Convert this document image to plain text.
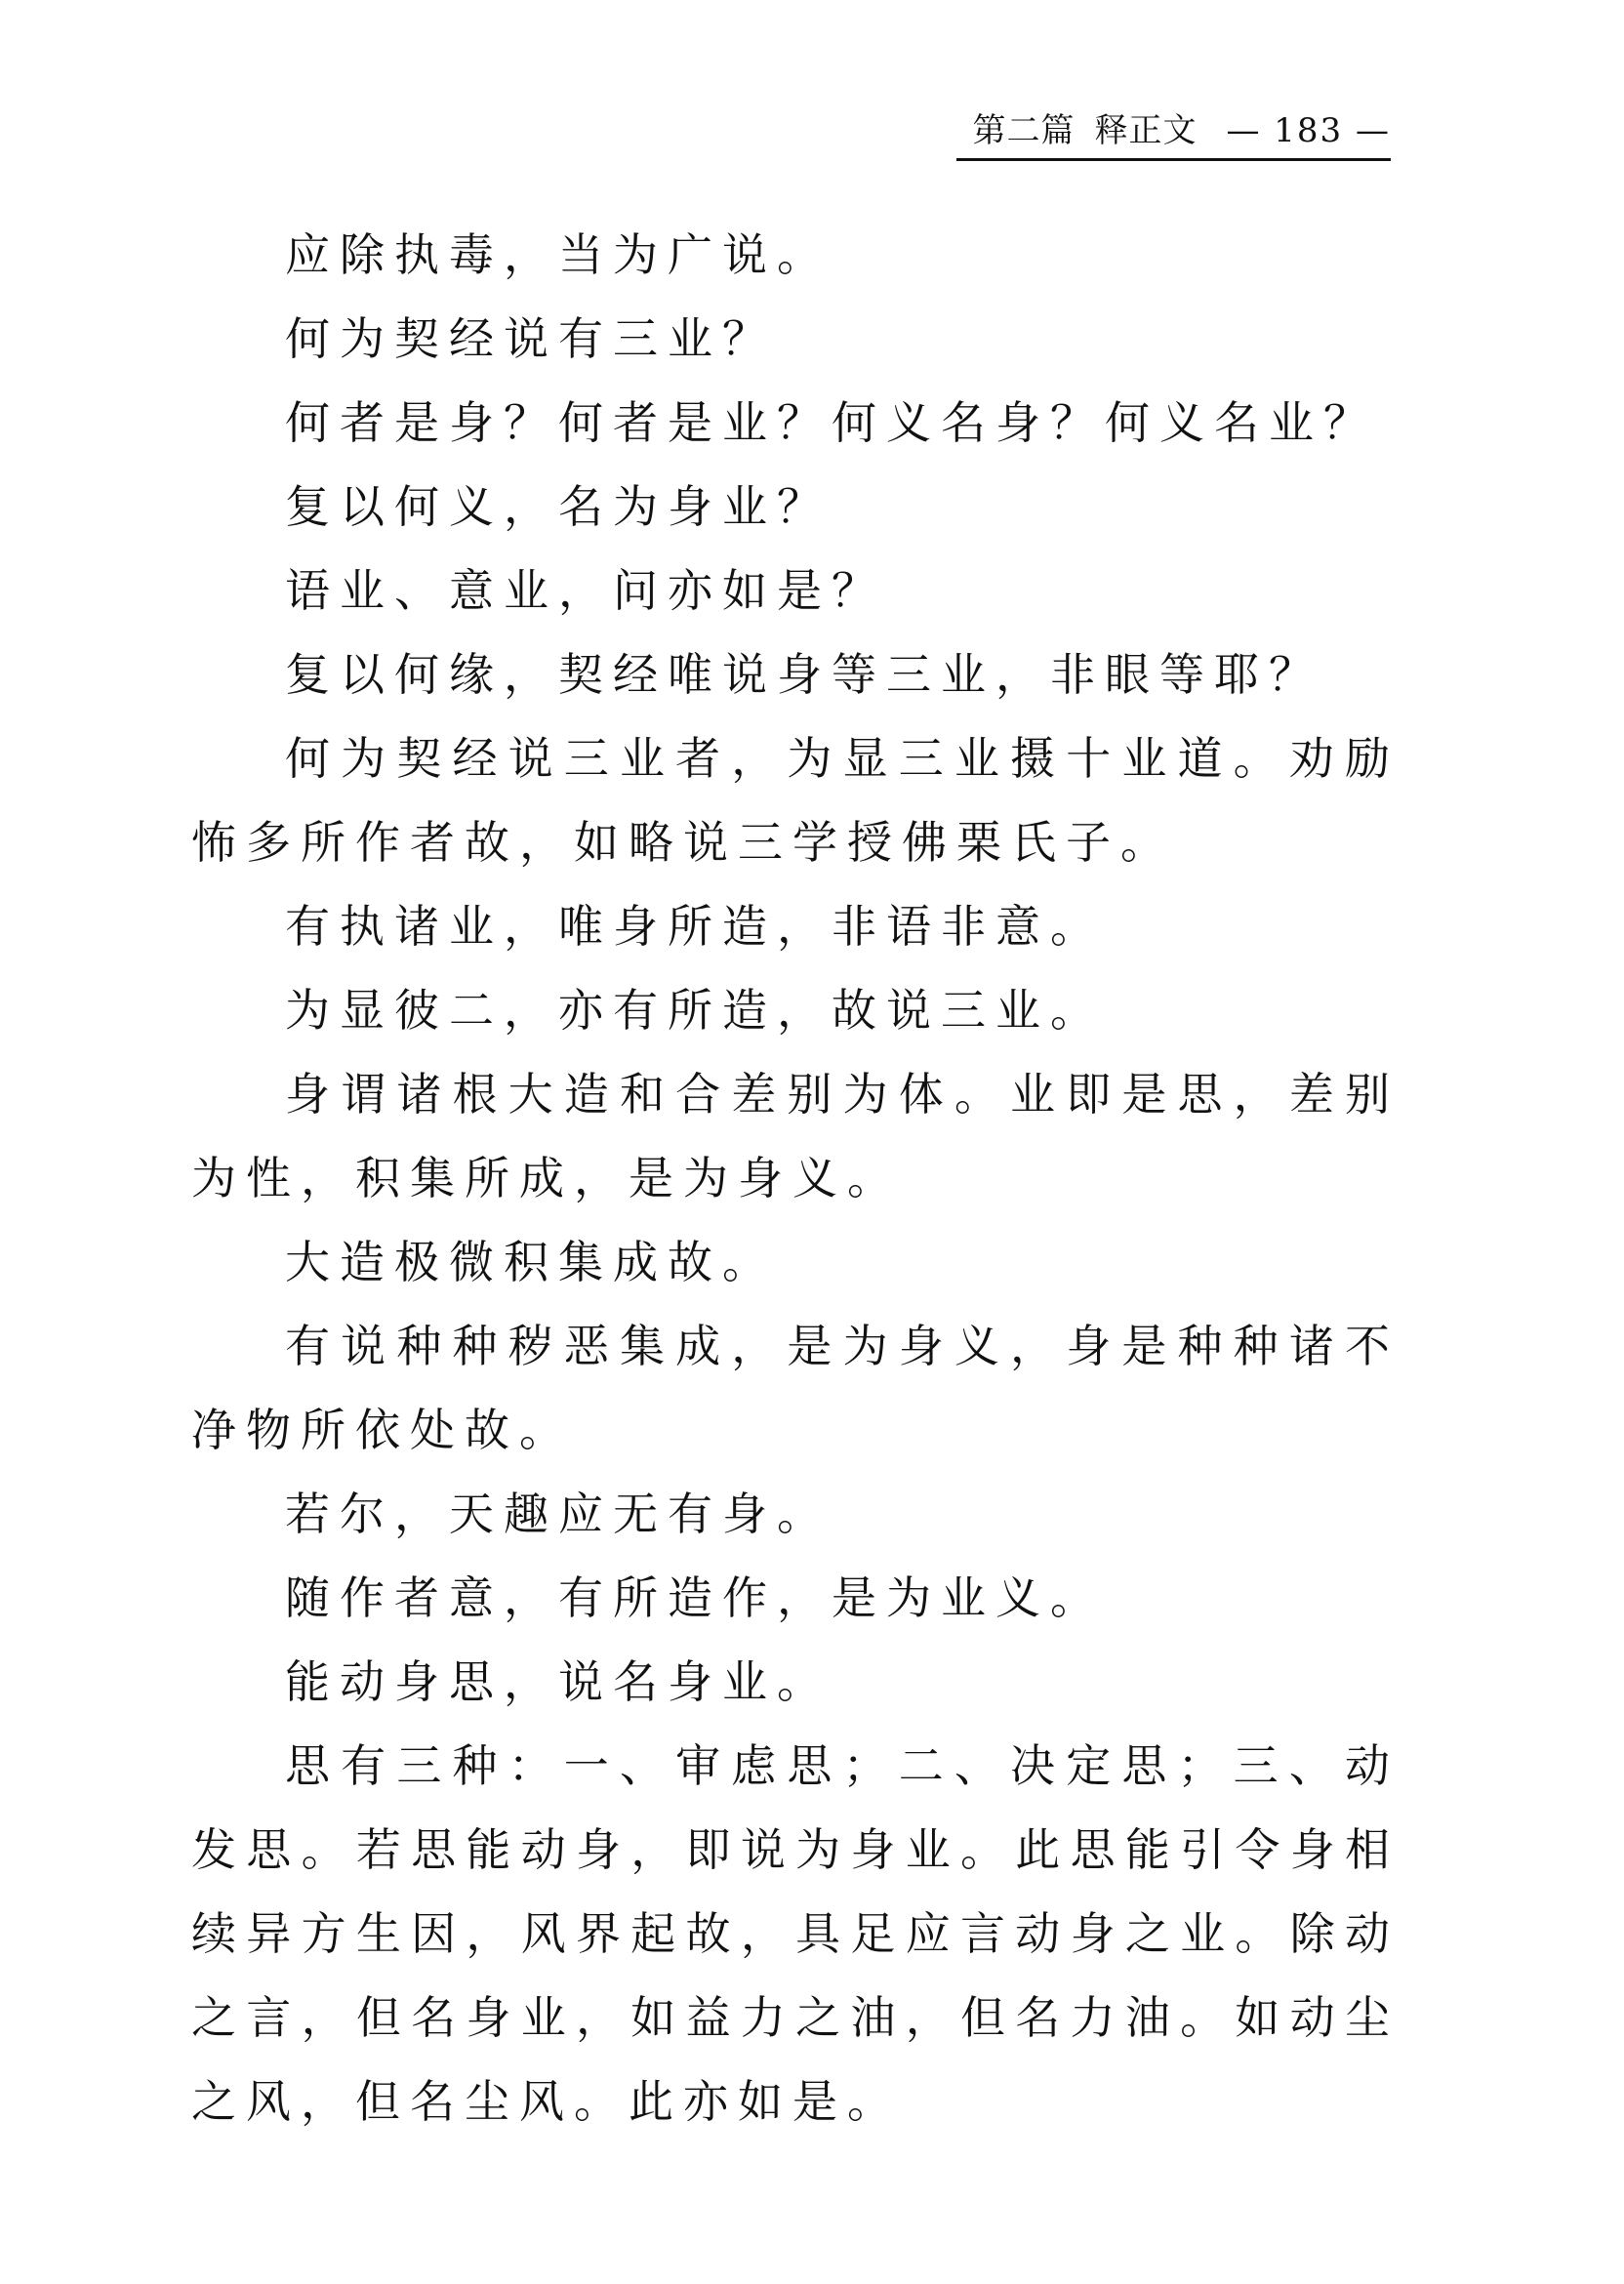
第二篇 释正文 — 183 —

应除执毒，当为广说。

何为契经说有三业？

何者是身？何者是业？何义名身？何义名业？

复以何义，名为身业？

语业、意业，问亦如是？

复以何缘，契经唯说身等三业，非眼等耶？

何为契经说三业者，为显三业摄十业道。劝励怖多所作者故，如略说三学授佛栗氏子。

有执诸业，唯身所造，非语非意。

为显彼二，亦有所造，故说三业。

身谓诸根大造和合差别为体。业即是思，差别为性，积集所成，是为身义。

大造极微积集成故。

有说种种秽恶集成，是为身义，身是种种诸不净物所依处故。

若尔，天趣应无有身。

随作者意，有所造作，是为业义。

能动身思，说名身业。

思有三种：一、审虑思；二、决定思；三、动发思。若思能动身，即说为身业。此思能引令身相续异方生因，风界起故，具足应言动身之业。除动之言，但名身业，如益力之油，但名力油。如动尘之风，但名尘风。此亦如是。
